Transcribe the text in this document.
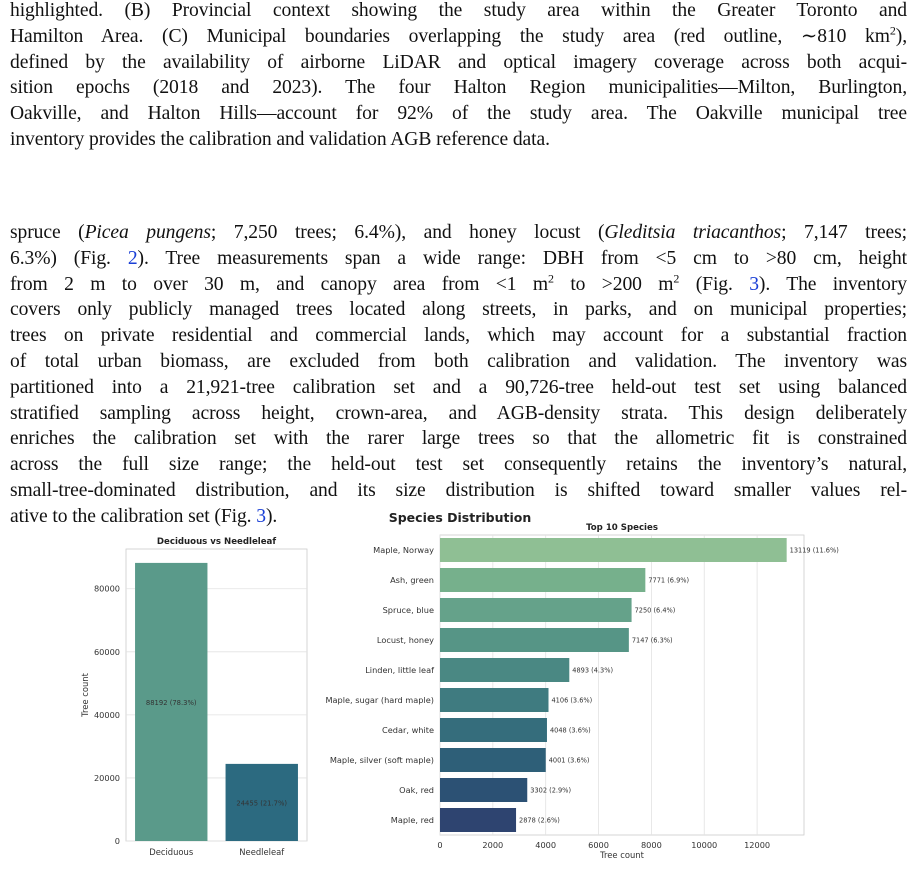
highlighted. (B) Provincial context showing the study area within the Greater Toronto and
Hamilton Area. (C) Municipal boundaries overlapping the study area (red outline, ∼810 $km^2$),
defined by the availability of airborne LiDAR and optical imagery coverage across both acqui-
sition epochs (2018 and 2023). The four Halton Region municipalities—Milton, Burlington,
Oakville, and Halton Hills—account for 92% of the study area. The Oakville municipal tree
inventory provides the calibration and validation AGB reference data.
spruce (Picea pungens; 7,250 trees; 6.4%), and honey locust (Gleditsia triacanthos; 7,147 trees;
6.3%) (Fig. 2). Tree measurements span a wide range: DBH from <5 cm to >80 cm, height
from 2 m to over 30 m, and canopy area from <1 $m^2$ to >200 $m^2$ (Fig. 3). The inventory
covers only publicly managed trees located along streets, in parks, and on municipal properties;
trees on private residential and commercial lands, which may account for a substantial fraction
of total urban biomass, are excluded from both calibration and validation. The inventory was
partitioned into a 21,921-tree calibration set and a 90,726-tree held-out test set using balanced
stratified sampling across height, crown-area, and AGB-density strata. This design deliberately
enriches the calibration set with the rarer large trees so that the allometric fit is constrained
across the full size range; the held-out test set consequently retains the inventory’s natural,
small-tree-dominated distribution, and its size distribution is shifted toward smaller values rel-
ative to the calibration set (Fig. 3).	Species Distribution
0
20000
40000
60000
80000
Deciduous vs Needleleaf
Tree count	88192 (78.3%)
Deciduous
24455 (21.7%)
Needleleaf
0	2000	4000	6000	8000	10000	12000
Top 10 Species
Tree count
Maple, Norway	13119 (11.6%)
Ash, green	7771 (6.9%)
Spruce, blue	7250 (6.4%)
Locust, honey	7147 (6.3%)
Linden, little leaf	4893 (4.3%)
Maple, sugar (hard maple)	4106 (3.6%)
Cedar, white	4048 (3.6%)
Maple, silver (soft maple)	4001 (3.6%)
Oak, red	3302 (2.9%)
Maple, red	2878 (2.6%)
